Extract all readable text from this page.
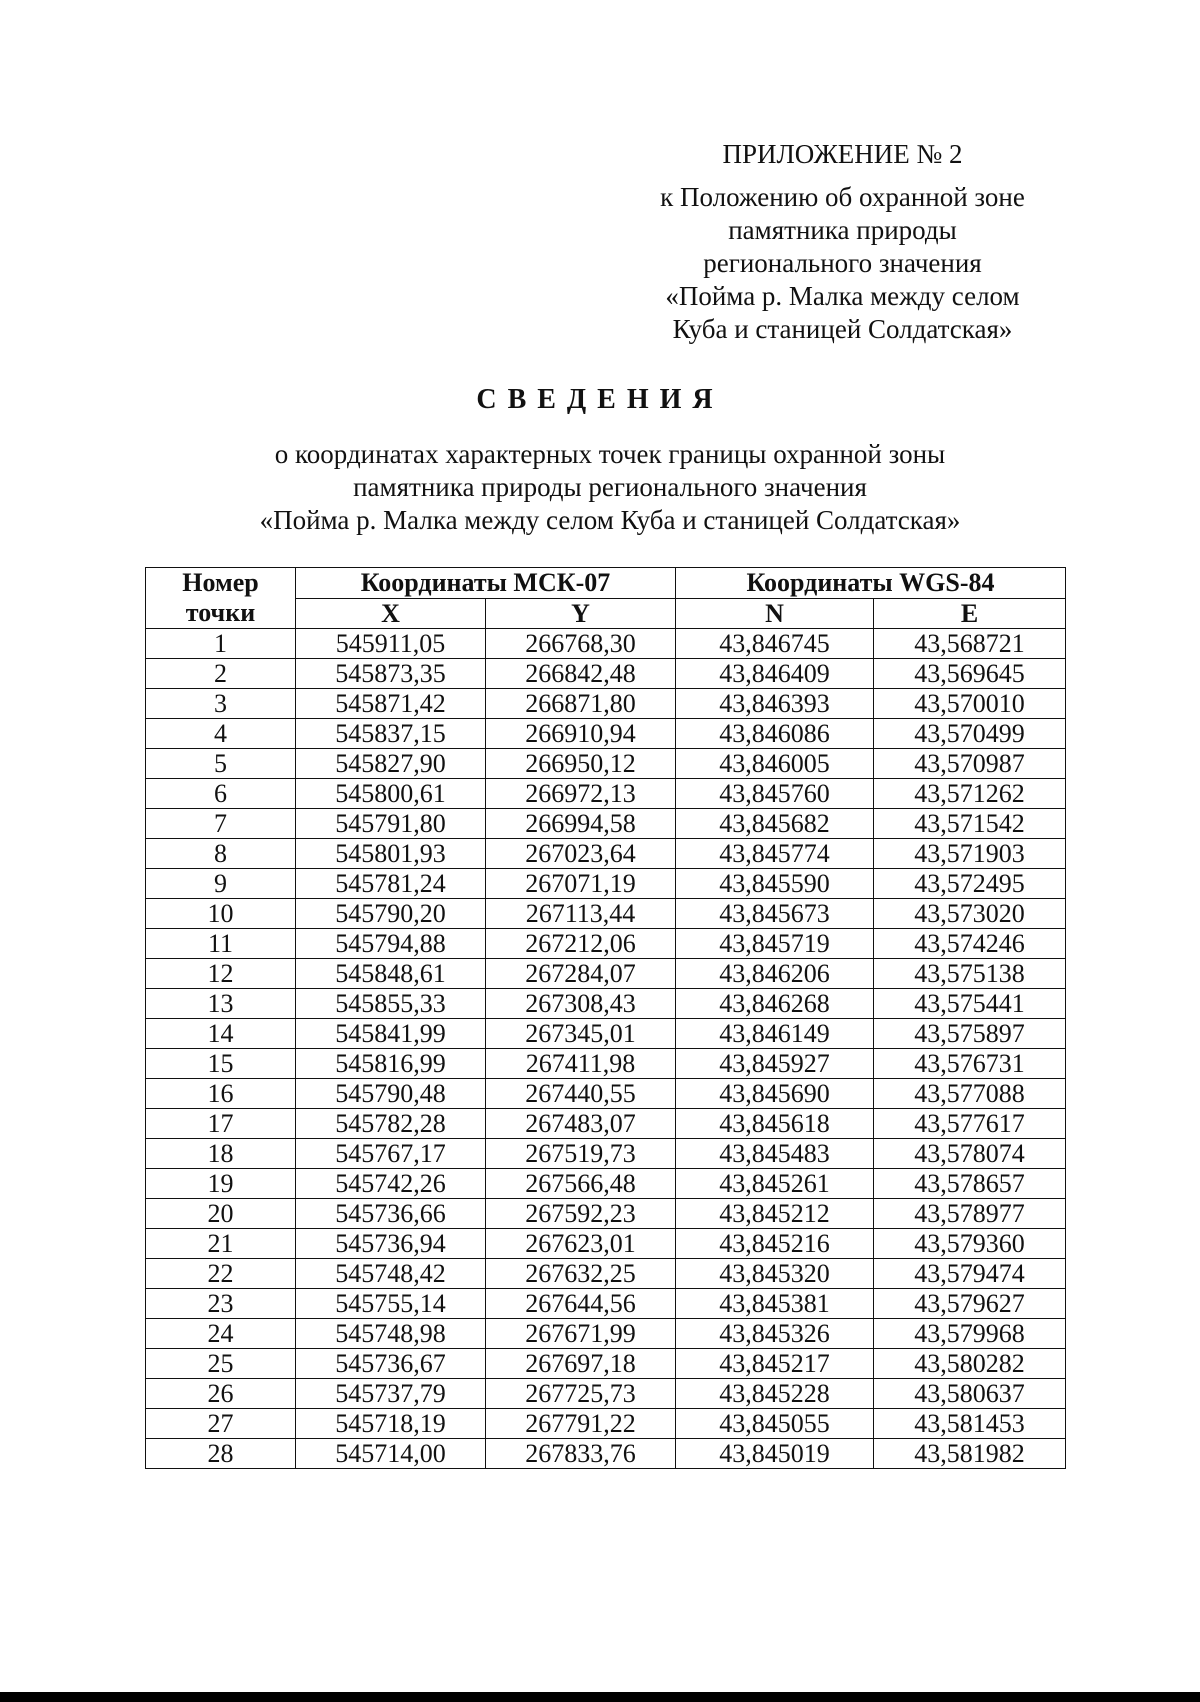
ПРИЛОЖЕНИЕ № 2
к Положению об охранной зоне
памятника природы
регионального значения
«Пойма р. Малка между селом
Куба и станицей Солдатская»
СВЕДЕНИЯ
о координатах характерных точек границы охранной зоны
памятника природы регионального значения
«Пойма р. Малка между селом Куба и станицей Солдатская»
Номер
точки	Координаты МСК-07		Координаты WGS-84	
	X	Y	N	E
1	545911,05	266768,30	43,846745	43,568721
2	545873,35	266842,48	43,846409	43,569645
3	545871,42	266871,80	43,846393	43,570010
4	545837,15	266910,94	43,846086	43,570499
5	545827,90	266950,12	43,846005	43,570987
6	545800,61	266972,13	43,845760	43,571262
7	545791,80	266994,58	43,845682	43,571542
8	545801,93	267023,64	43,845774	43,571903
9	545781,24	267071,19	43,845590	43,572495
10	545790,20	267113,44	43,845673	43,573020
11	545794,88	267212,06	43,845719	43,574246
12	545848,61	267284,07	43,846206	43,575138
13	545855,33	267308,43	43,846268	43,575441
14	545841,99	267345,01	43,846149	43,575897
15	545816,99	267411,98	43,845927	43,576731
16	545790,48	267440,55	43,845690	43,577088
17	545782,28	267483,07	43,845618	43,577617
18	545767,17	267519,73	43,845483	43,578074
19	545742,26	267566,48	43,845261	43,578657
20	545736,66	267592,23	43,845212	43,578977
21	545736,94	267623,01	43,845216	43,579360
22	545748,42	267632,25	43,845320	43,579474
23	545755,14	267644,56	43,845381	43,579627
24	545748,98	267671,99	43,845326	43,579968
25	545736,67	267697,18	43,845217	43,580282
26	545737,79	267725,73	43,845228	43,580637
27	545718,19	267791,22	43,845055	43,581453
28	545714,00	267833,76	43,845019	43,581982
